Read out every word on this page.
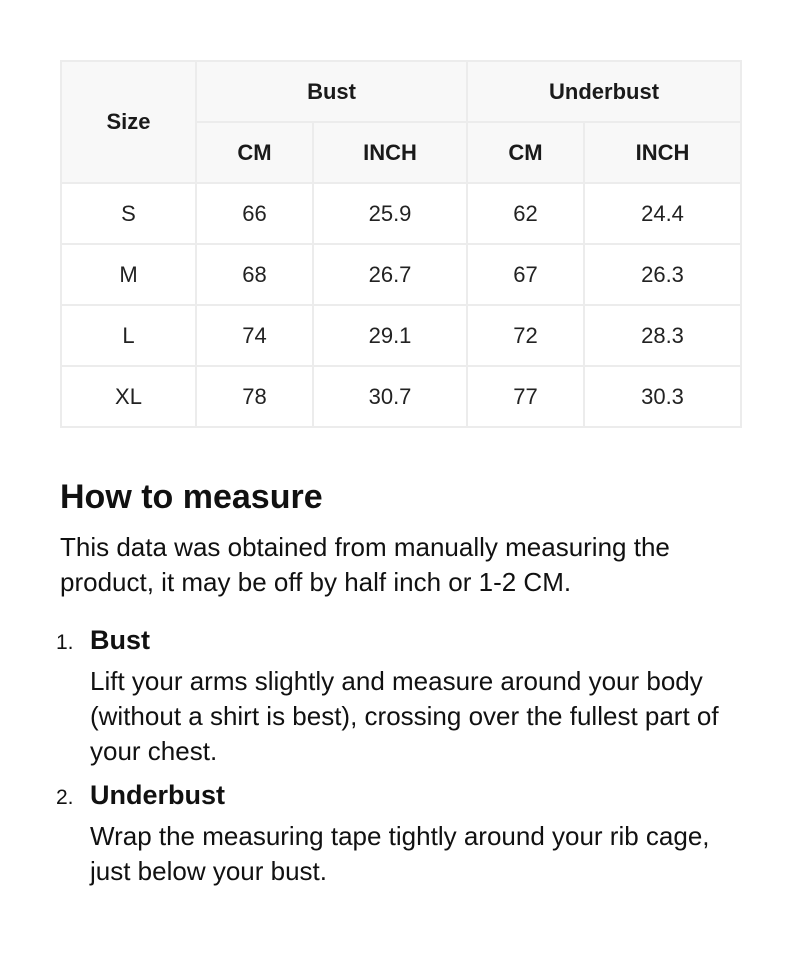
Size	Bust		Underbust	
	CM	INCH	CM	INCH
S	66	25.9	62	24.4
M	68	26.7	67	26.3
L	74	29.1	72	28.3
XL	78	30.7	77	30.3
How to measure

This data was obtained from manually measuring the product, it may be off by half inch or 1-2 CM.

1. Bust

Lift your arms slightly and measure around your body (without a shirt is best), crossing over the fullest part of your chest.

2. Underbust

Wrap the measuring tape tightly around your rib cage, just below your bust.
